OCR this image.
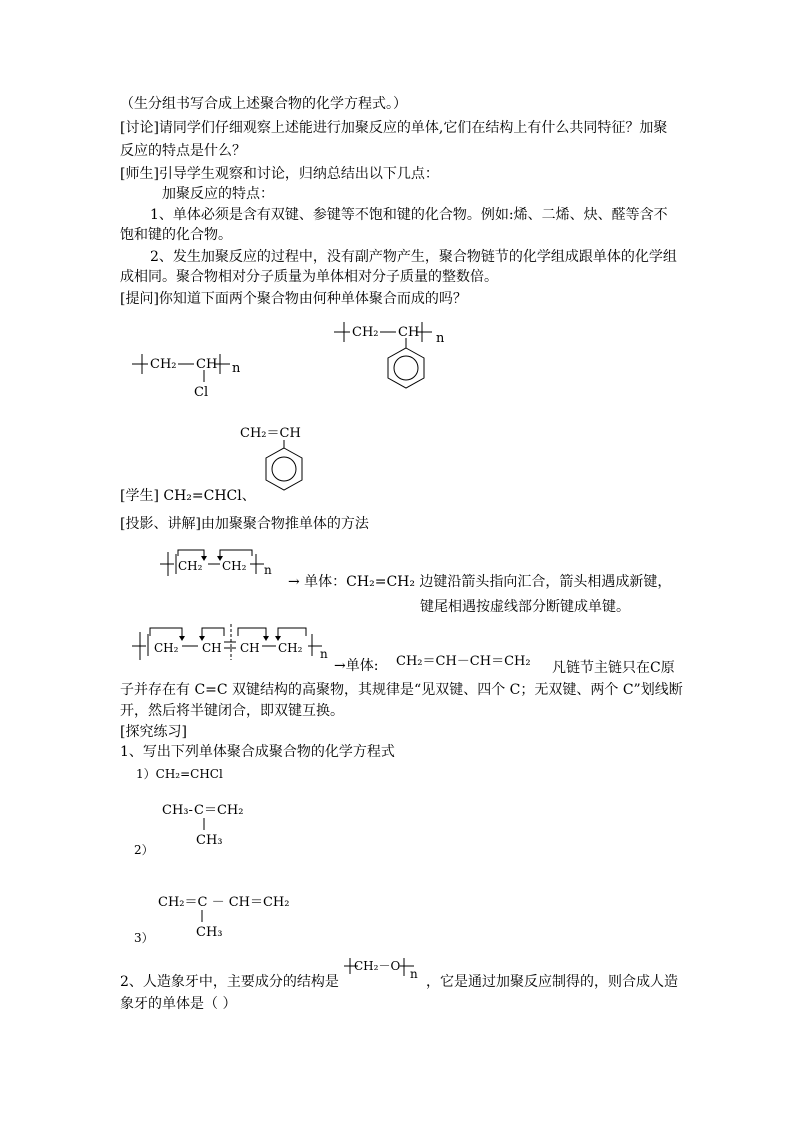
（生分组书写合成上述聚合物的化学方程式。）
[讨论]请同学们仔细观察上述能进行加聚反应的单体,它们在结构上有什么共同特征？加聚
反应的特点是什么？
[师生]引导学生观察和讨论，归纳总结出以下几点：
加聚反应的特点：
1、单体必须是含有双键、参键等不饱和键的化合物。例如:烯、二烯、炔、醛等含不
饱和键的化合物。
2、发生加聚反应的过程中，没有副产物产生，聚合物链节的化学组成跟单体的化学组
成相同。聚合物相对分子质量为单体相对分子质量的整数倍。
[提问]你知道下面两个聚合物由何种单体聚合而成的吗？
CH₂ CH
Cl
n
CH₂ CH n
CH₂＝CH
[学生] CH₂=CHCl、
[投影、讲解]由加聚聚合物推单体的方法
CH₂ CH₂ n
→ 单体：CH₂=CH₂ 边键沿箭头指向汇合，箭头相遇成新键，
键尾相遇按虚线部分断键成单键。
CH₂ CH CH CH₂ n
→单体: CH₂＝CH－CH＝CH₂ 凡链节主链只在C原
子并存在有 C=C 双键结构的高聚物，其规律是“见双键、四个 C；无双键、两个 C”划线断
开，然后将半键闭合，即双键互换。
[探究练习]
1、写出下列单体聚合成聚合物的化学方程式
1）CH₂=CHCl
CH₃- C＝CH₂
CH₃
2）
CH₂＝C － CH＝CH₂
CH₃
3）
2、人造象牙中，主要成分的结构是
CH₂－O
n ，它是通过加聚反应制得的，则合成人造
象牙的单体是（ ）
